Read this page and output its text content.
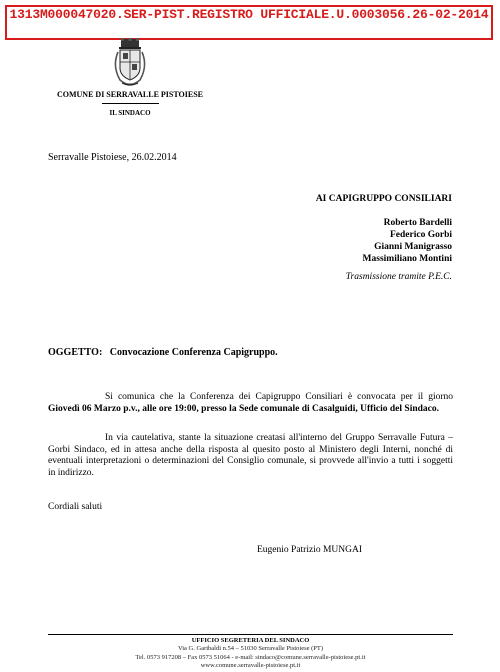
1313M000047020.SER-PIST.REGISTRO UFFICIALE.U.0003056.26-02-2014
COMUNE DI SERRAVALLE PISTOIESE
IL SINDACO
Serravalle Pistoiese, 26.02.2014
AI CAPIGRUPPO CONSILIARI
Roberto Bardelli
Federico Gorbi
Gianni Manigrasso
Massimiliano Montini
Trasmissione tramite P.E.C.
OGGETTO: Convocazione Conferenza Capigruppo.
Si comunica che la Conferenza dei Capigruppo Consiliari è convocata per il giorno Giovedì 06 Marzo p.v., alle ore 19:00, presso la Sede comunale di Casalguidi, Ufficio del Sindaco.
In via cautelativa, stante la situazione creatasi all'interno del Gruppo Serravalle Futura – Gorbi Sindaco, ed in attesa anche della risposta al quesito posto al Ministero degli Interni, nonché di eventuali interpretazioni o determinazioni del Consiglio comunale, si provvede all'invio a tutti i soggetti in indirizzo.
Cordiali saluti
Eugenio Patrizio MUNGAI
UFFICIO SEGRETERIA DEL SINDACO
Via G. Garibaldi n.54 – 51030 Serravalle Pistoiese (PT)
Tel. 0573 917208 – Fax 0573 51064 - e-mail: sindaco@comune.serravalle-pistoiese.pt.it
www.comune.serravalle-pistoiese.pt.it
